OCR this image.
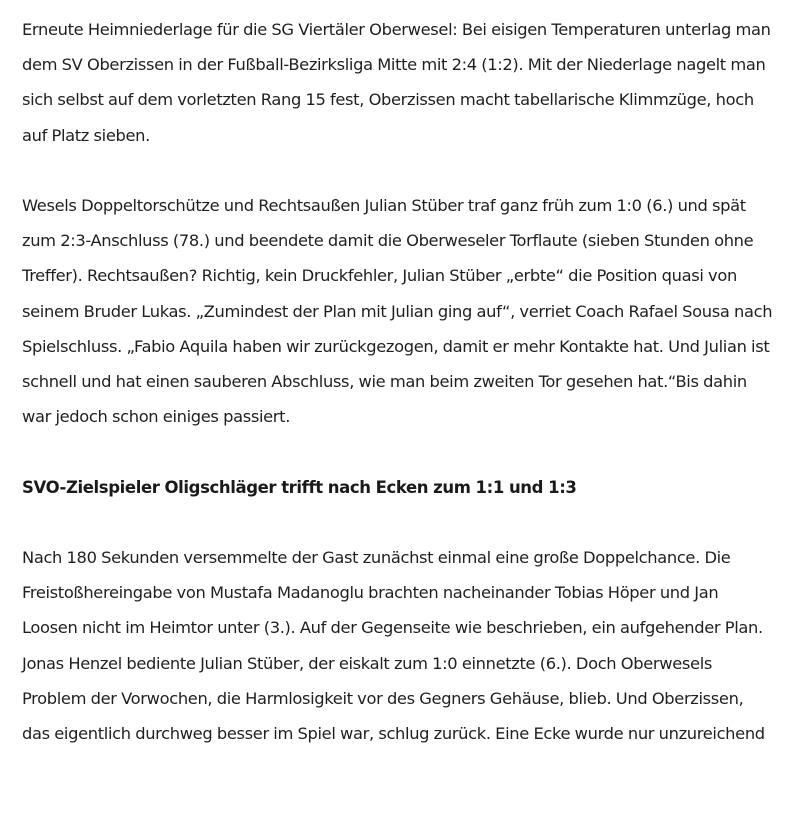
Erneute Heimniederlage für die SG Viertäler Oberwesel: Bei eisigen Temperaturen unterlag man dem SV Oberzissen in der Fußball-Bezirksliga Mitte mit 2:4 (1:2). Mit der Niederlage nagelt man sich selbst auf dem vorletzten Rang 15 fest, Oberzissen macht tabellarische Klimmzüge, hoch auf Platz sieben.

Wesels Doppeltorschütze und Rechtsaußen Julian Stüber traf ganz früh zum 1:0 (6.) und spät zum 2:3-Anschluss (78.) und beendete damit die Oberweseler Torflaute (sieben Stunden ohne Treffer). Rechtsaußen? Richtig, kein Druckfehler, Julian Stüber „erbte“ die Position quasi von seinem Bruder Lukas. „Zumindest der Plan mit Julian ging auf“, verriet Coach Rafael Sousa nach Spielschluss. „Fabio Aquila haben wir zurückgezogen, damit er mehr Kontakte hat. Und Julian ist schnell und hat einen sauberen Abschluss, wie man beim zweiten Tor gesehen hat.“Bis dahin war jedoch schon einiges passiert.

SVO-Zielspieler Oligschläger trifft nach Ecken zum 1:1 und 1:3

Nach 180 Sekunden versemmelte der Gast zunächst einmal eine große Doppelchance. Die Freistoßhereingabe von Mustafa Madanoglu brachten nacheinander Tobias Höper und Jan Loosen nicht im Heimtor unter (3.). Auf der Gegenseite wie beschrieben, ein aufgehender Plan. Jonas Henzel bediente Julian Stüber, der eiskalt zum 1:0 einnetzte (6.). Doch Oberwesels Problem der Vorwochen, die Harmlosigkeit vor des Gegners Gehäuse, blieb. Und Oberzissen, das eigentlich durchweg besser im Spiel war, schlug zurück. Eine Ecke wurde nur unzureichend
